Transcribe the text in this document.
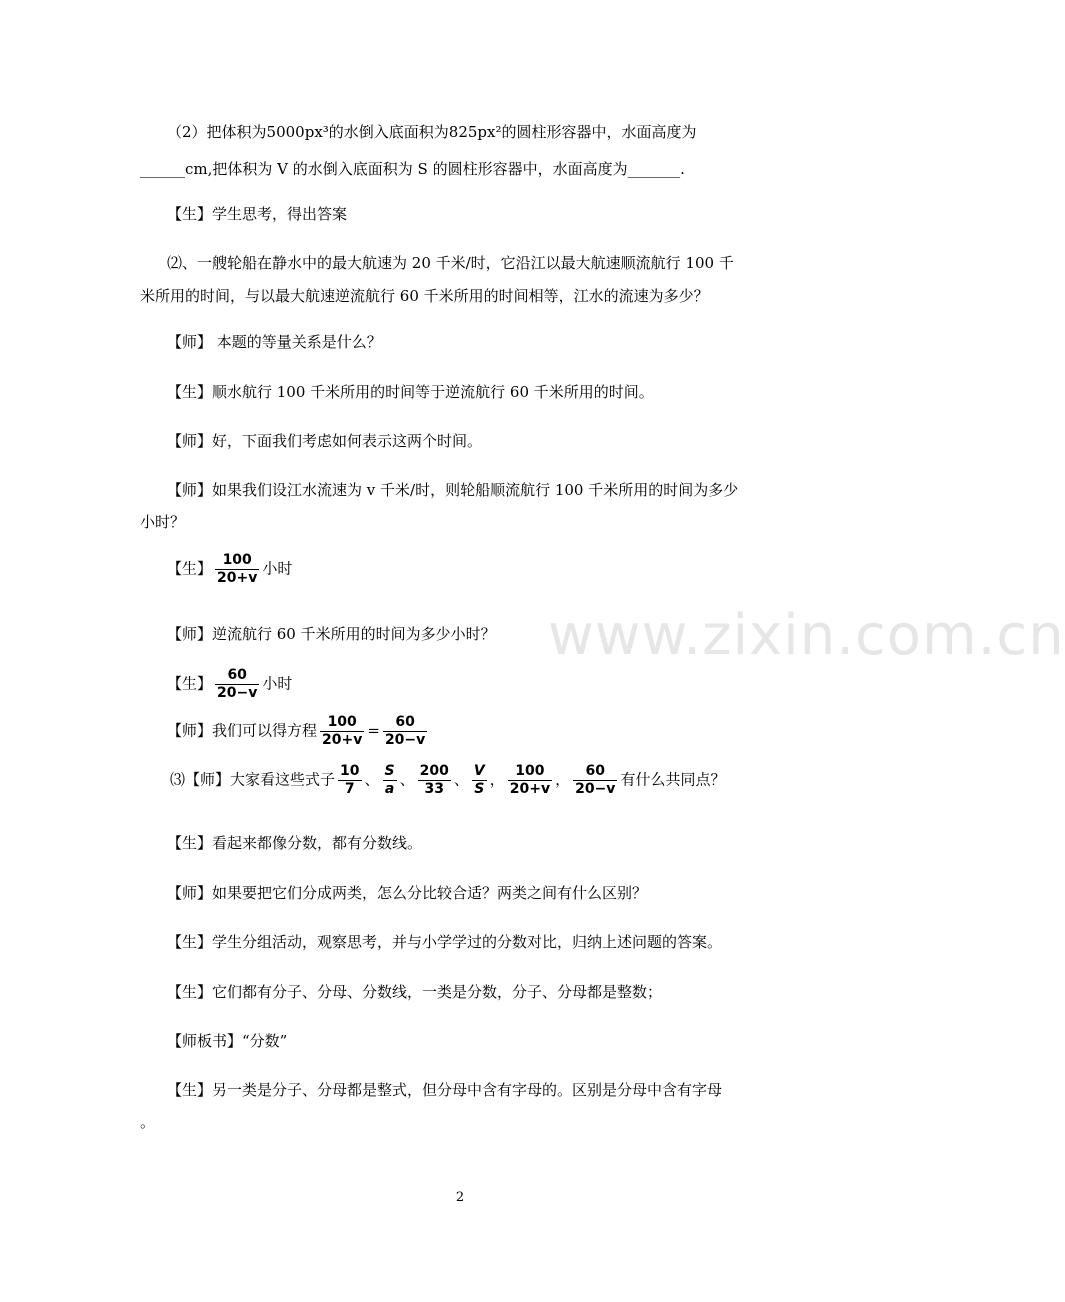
（2）把体积为5000px³的水倒入底面积为825px²的圆柱形容器中，水面高度为
______cm,把体积为 V 的水倒入底面积为 S 的圆柱形容器中，水面高度为_______.
【生】学生思考，得出答案
⑵、一艘轮船在静水中的最大航速为 20 千米/时，它沿江以最大航速顺流航行 100 千
米所用的时间，与以最大航速逆流航行 60 千米所用的时间相等，江水的流速为多少？
【师】 本题的等量关系是什么？
【生】顺水航行 100 千米所用的时间等于逆流航行 60 千米所用的时间。
【师】好，下面我们考虑如何表示这两个时间。
【师】如果我们设江水流速为 v 千米/时，则轮船顺流航行 100 千米所用的时间为多少
小时？
【生】 $\frac{100}{20+v}$ 小时
【师】逆流航行 60 千米所用的时间为多少小时？
【生】 $\frac{60}{20-v}$ 小时
【师】我们可以得方程 $\frac{100}{20+v} = \frac{60}{20-v}$
⑶【师】大家看这些式子 $\frac{10}{7}$ 、 $\frac{S}{a}$ 、 $\frac{200}{33}$ 、 $\frac{V}{S}$ ， $\frac{100}{20+v}$ ， $\frac{60}{20-v}$ 有什么共同点？
【生】看起来都像分数，都有分数线。
【师】如果要把它们分成两类，怎么分比较合适？两类之间有什么区别？
【生】学生分组活动，观察思考，并与小学学过的分数对比，归纳上述问题的答案。
【生】它们都有分子、分母、分数线，一类是分数，分子、分母都是整数；
【师板书】“分数”
【生】另一类是分子、分母都是整式，但分母中含有字母的。区别是分母中含有字母
。
www.zixin.com.cn
2
